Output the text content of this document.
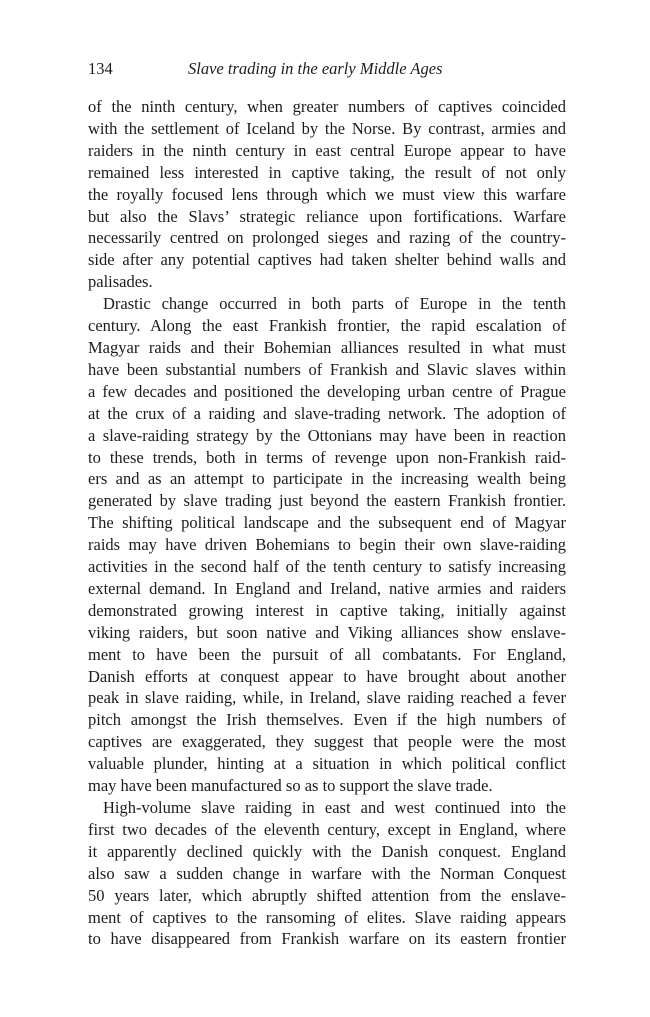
134	Slave trading in the early Middle Ages

of the ninth century, when greater numbers of captives coincided
with the settlement of Iceland by the Norse. By contrast, armies and
raiders in the ninth century in east central Europe appear to have
remained less interested in captive taking, the result of not only
the royally focused lens through which we must view this warfare
but also the Slavs’ strategic reliance upon fortifications. Warfare
necessarily centred on prolonged sieges and razing of the country-
side after any potential captives had taken shelter behind walls and
palisades.

Drastic change occurred in both parts of Europe in the tenth
century. Along the east Frankish frontier, the rapid escalation of
Magyar raids and their Bohemian alliances resulted in what must
have been substantial numbers of Frankish and Slavic slaves within
a few decades and positioned the developing urban centre of Prague
at the crux of a raiding and slave-trading network. The adoption of
a slave-raiding strategy by the Ottonians may have been in reaction
to these trends, both in terms of revenge upon non-Frankish raid-
ers and as an attempt to participate in the increasing wealth being
generated by slave trading just beyond the eastern Frankish frontier.
The shifting political landscape and the subsequent end of Magyar
raids may have driven Bohemians to begin their own slave-raiding
activities in the second half of the tenth century to satisfy increasing
external demand. In England and Ireland, native armies and raiders
demonstrated growing interest in captive taking, initially against
viking raiders, but soon native and Viking alliances show enslave-
ment to have been the pursuit of all combatants. For England,
Danish efforts at conquest appear to have brought about another
peak in slave raiding, while, in Ireland, slave raiding reached a fever
pitch amongst the Irish themselves. Even if the high numbers of
captives are exaggerated, they suggest that people were the most
valuable plunder, hinting at a situation in which political conflict
may have been manufactured so as to support the slave trade.

High-volume slave raiding in east and west continued into the
first two decades of the eleventh century, except in England, where
it apparently declined quickly with the Danish conquest. England
also saw a sudden change in warfare with the Norman Conquest
50 years later, which abruptly shifted attention from the enslave-
ment of captives to the ransoming of elites. Slave raiding appears
to have disappeared from Frankish warfare on its eastern frontier
